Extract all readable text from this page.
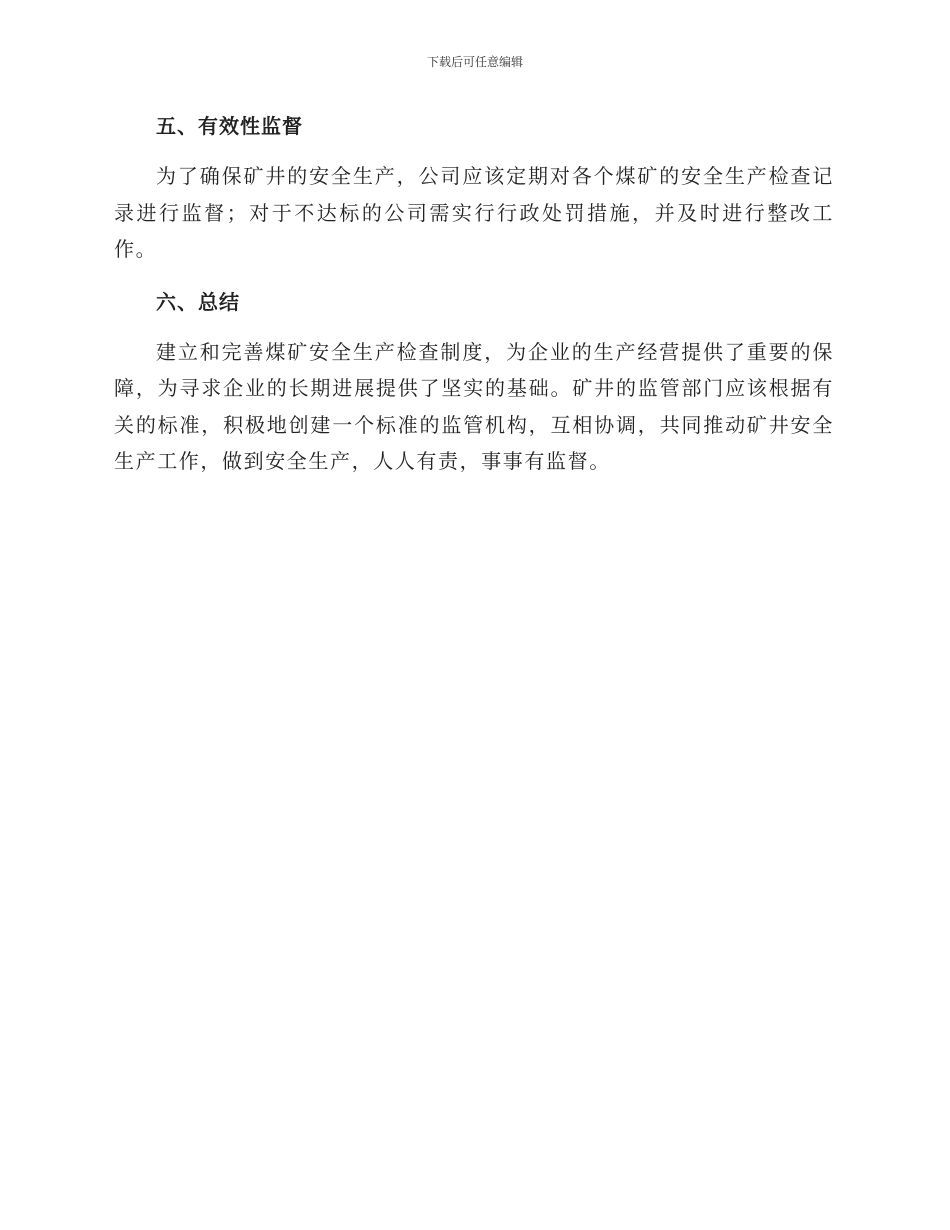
下载后可任意编辑
五、有效性监督

为了确保矿井的安全生产，公司应该定期对各个煤矿的安全生产检查记录进行监督；对于不达标的公司需实行行政处罚措施，并及时进行整改工作。

六、总结

建立和完善煤矿安全生产检查制度，为企业的生产经营提供了重要的保障，为寻求企业的长期进展提供了坚实的基础。矿井的监管部门应该根据有关的标准，积极地创建一个标准的监管机构，互相协调，共同推动矿井安全生产工作，做到安全生产，人人有责，事事有监督。
